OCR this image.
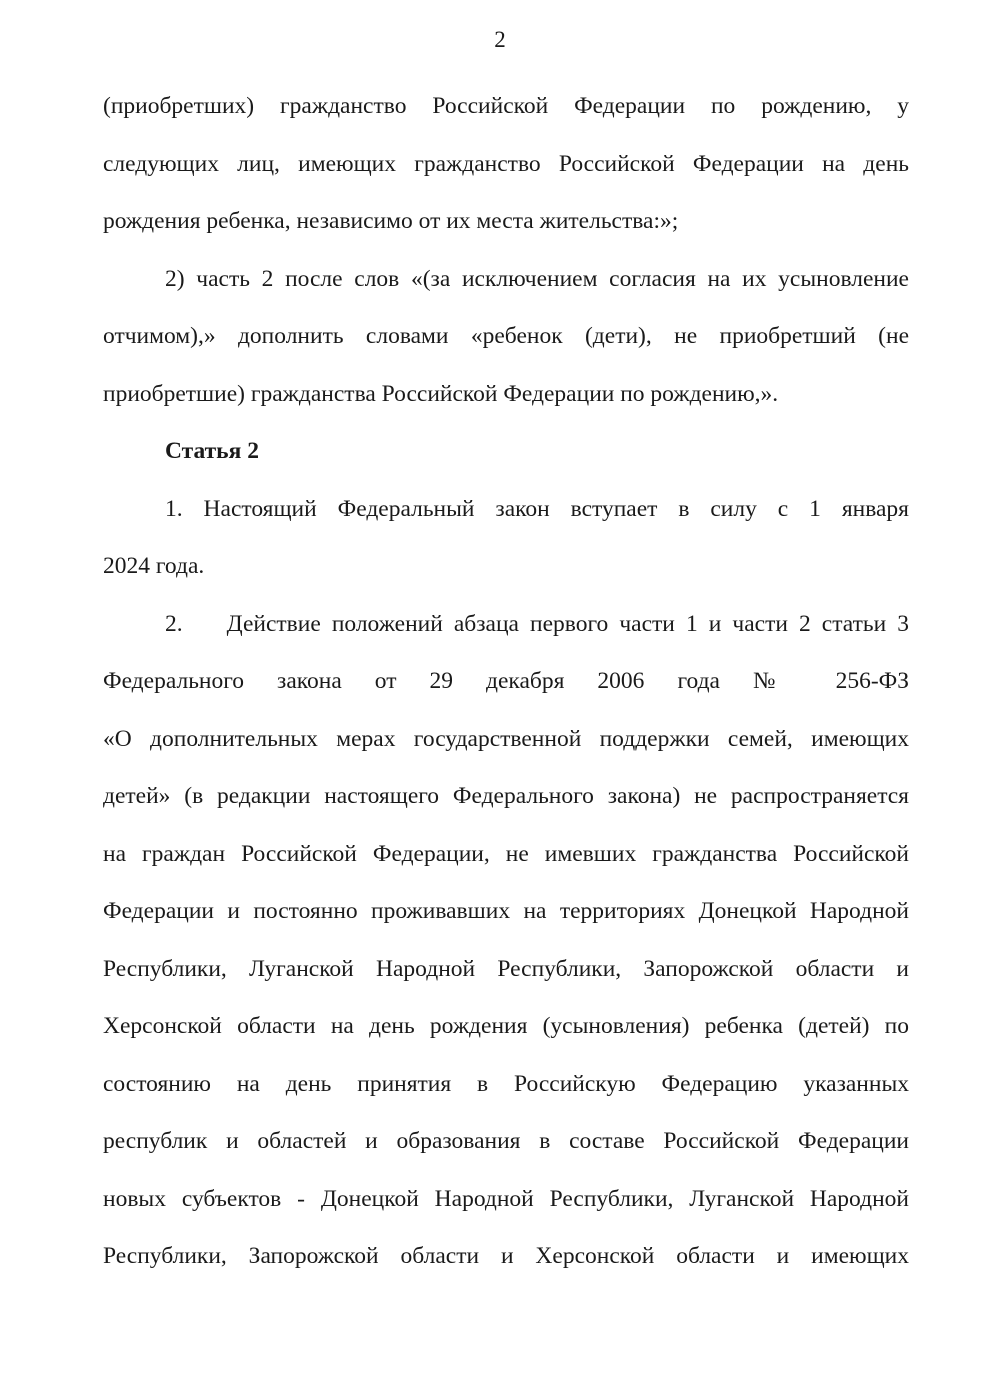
2
(приобретших) гражданство Российской Федерации по рождению, у
следующих лиц, имеющих гражданство Российской Федерации на день
рождения ребенка, независимо от их места жительства:»;
2) часть 2 после слов «(за исключением согласия на их усыновление
отчимом),» дополнить словами «ребенок (дети), не приобретший (не
приобретшие) гражданства Российской Федерации по рождению,».
Статья 2
1. Настоящий Федеральный закон вступает в силу с 1 января
2024 года.
2. Действие положений абзаца первого части 1 и части 2 статьи 3
Федерального закона от 29 декабря 2006 года № 256-ФЗ
«О дополнительных мерах государственной поддержки семей, имеющих
детей» (в редакции настоящего Федерального закона) не распространяется
на граждан Российской Федерации, не имевших гражданства Российской
Федерации и постоянно проживавших на территориях Донецкой Народной
Республики, Луганской Народной Республики, Запорожской области и
Херсонской области на день рождения (усыновления) ребенка (детей) по
состоянию на день принятия в Российскую Федерацию указанных
республик и областей и образования в составе Российской Федерации
новых субъектов - Донецкой Народной Республики, Луганской Народной
Республики, Запорожской области и Херсонской области и имеющих
